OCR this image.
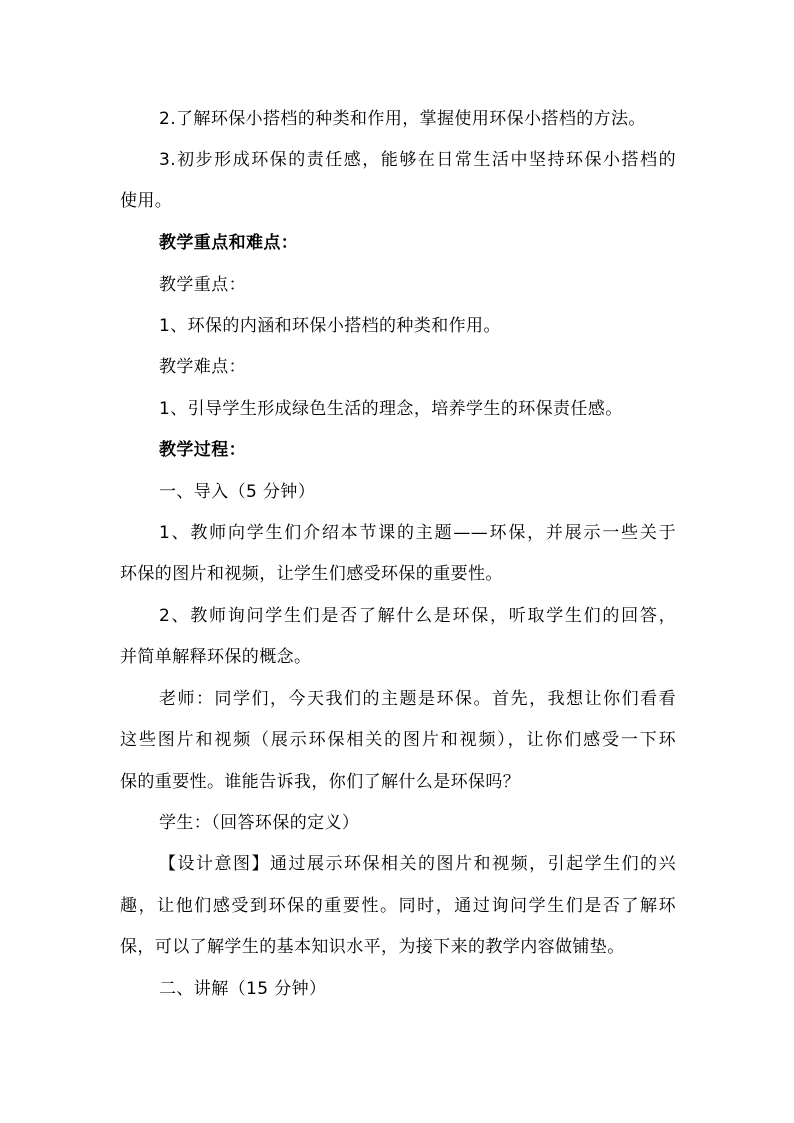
2.了解环保小搭档的种类和作用，掌握使用环保小搭档的方法。
3.初步形成环保的责任感，能够在日常生活中坚持环保小搭档的
使用。
教学重点和难点：
教学重点：
1、环保的内涵和环保小搭档的种类和作用。
教学难点：
1、引导学生形成绿色生活的理念，培养学生的环保责任感。
教学过程：
一、导入（5 分钟）
1、教师向学生们介绍本节课的主题——环保，并展示一些关于
环保的图片和视频，让学生们感受环保的重要性。
2、教师询问学生们是否了解什么是环保，听取学生们的回答，
并简单解释环保的概念。
老师：同学们，今天我们的主题是环保。首先，我想让你们看看
这些图片和视频（展示环保相关的图片和视频），让你们感受一下环
保的重要性。谁能告诉我，你们了解什么是环保吗？
学生：（回答环保的定义）
【设计意图】通过展示环保相关的图片和视频，引起学生们的兴
趣，让他们感受到环保的重要性。同时，通过询问学生们是否了解环
保，可以了解学生的基本知识水平，为接下来的教学内容做铺垫。
二、讲解（15 分钟）
